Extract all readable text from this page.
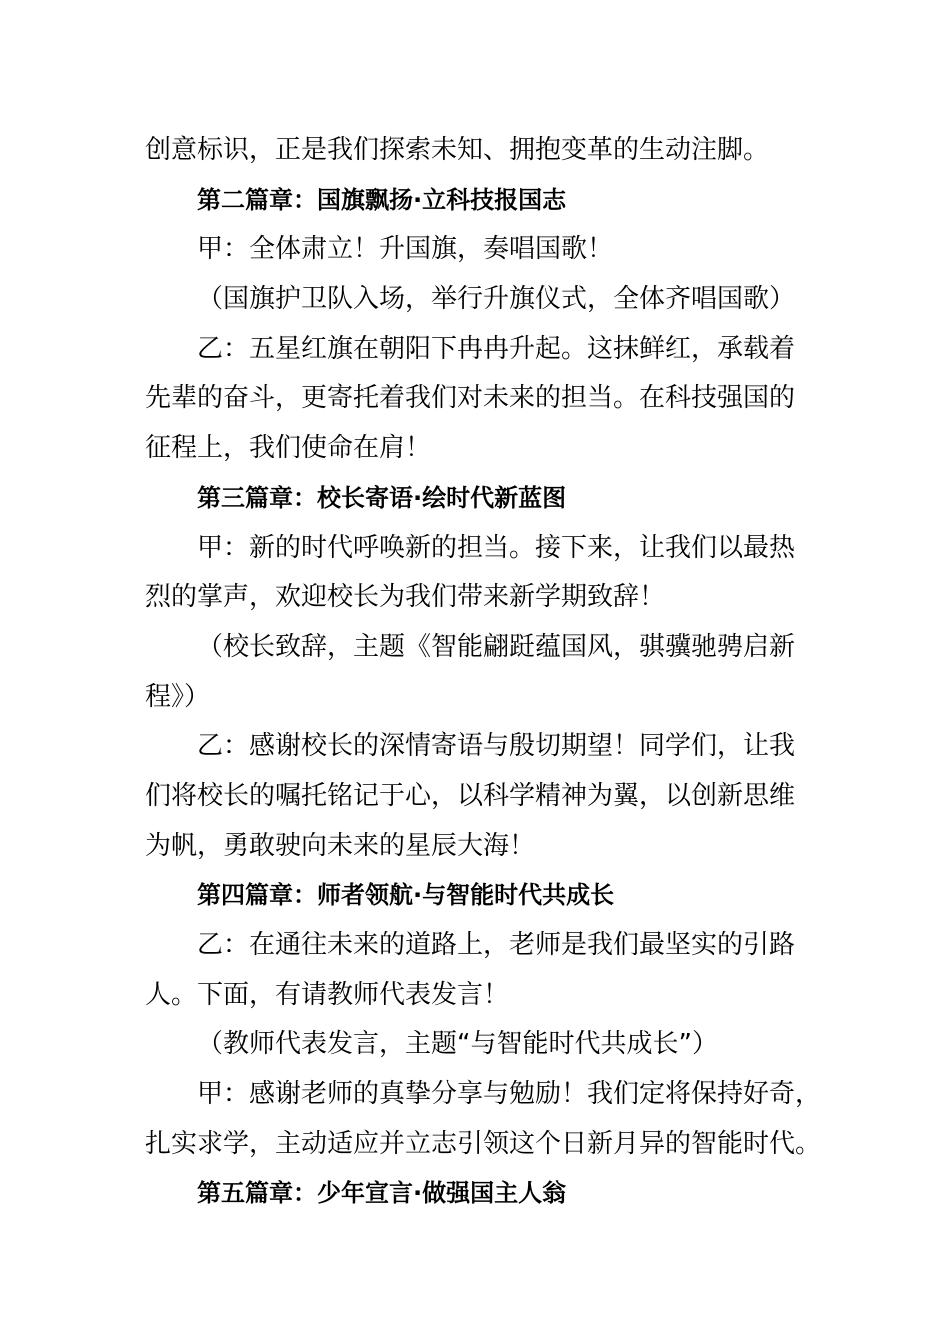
创意标识，正是我们探索未知、拥抱变革的生动注脚。
第二篇章：国旗飘扬·立科技报国志
甲：全体肃立！升国旗，奏唱国歌！
（国旗护卫队入场，举行升旗仪式，全体齐唱国歌）
乙：五星红旗在朝阳下冉冉升起。这抹鲜红，承载着
先辈的奋斗，更寄托着我们对未来的担当。在科技强国的
征程上，我们使命在肩！
第三篇章：校长寄语·绘时代新蓝图
甲：新的时代呼唤新的担当。接下来，让我们以最热
烈的掌声，欢迎校长为我们带来新学期致辞！
（校长致辞，主题《智能翩跹蕴国风，骐骥驰骋启新
程》）
乙：感谢校长的深情寄语与殷切期望！同学们，让我
们将校长的嘱托铭记于心，以科学精神为翼，以创新思维
为帆，勇敢驶向未来的星辰大海！
第四篇章：师者领航·与智能时代共成长
乙：在通往未来的道路上，老师是我们最坚实的引路
人。下面，有请教师代表发言！
（教师代表发言，主题“与智能时代共成长”）
甲：感谢老师的真挚分享与勉励！我们定将保持好奇，
扎实求学，主动适应并立志引领这个日新月异的智能时代。
第五篇章：少年宣言·做强国主人翁
